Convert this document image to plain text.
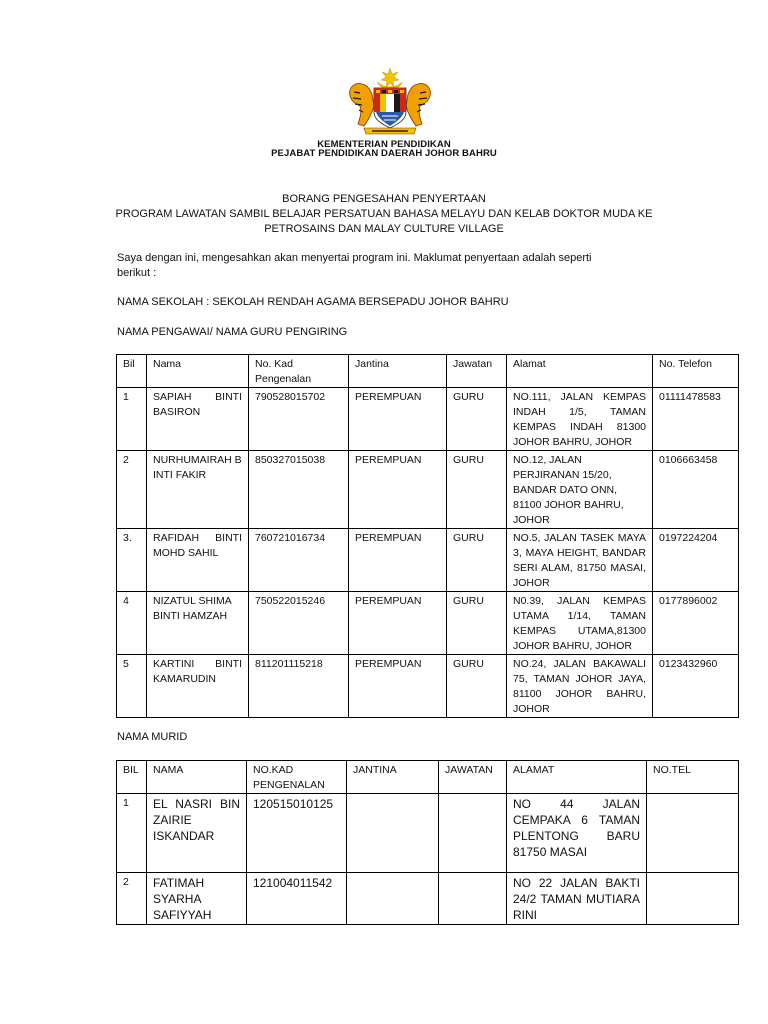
KEMENTERIAN PENDIDIKAN
PEJABAT PENDIDIKAN DAERAH JOHOR BAHRU
BORANG PENGESAHAN PENYERTAAN
PROGRAM LAWATAN SAMBIL BELAJAR PERSATUAN BAHASA MELAYU DAN KELAB DOKTOR MUDA KE
PETROSAINS DAN MALAY CULTURE VILLAGE
Saya dengan ini, mengesahkan akan menyertai program ini. Maklumat penyertaan adalah seperti
berikut :
NAMA SEKOLAH : SEKOLAH RENDAH AGAMA BERSEPADU JOHOR BAHRU
NAMA PENGAWAI/ NAMA GURU PENGIRING
Bil	Nama	No. Kad Pengenalan	Jantina	Jawatan	Alamat	No. Telefon
1	SAPIAH BINTI BASIRON	790528015702	PEREMPUAN	GURU	NO.111, JALAN KEMPAS INDAH 1/5, TAMAN KEMPAS INDAH 81300 JOHOR BAHRU, JOHOR	01111478583
2	NURHUMAIRAH BINTI FAKIR	850327015038	PEREMPUAN	GURU	NO.12, JALAN PERJIRANAN 15/20, BANDAR DATO ONN, 81100 JOHOR BAHRU, JOHOR	0106663458
3.	RAFIDAH BINTI MOHD SAHIL	760721016734	PEREMPUAN	GURU	NO.5, JALAN TASEK MAYA 3, MAYA HEIGHT, BANDAR SERI ALAM, 81750 MASAI, JOHOR	0197224204
4	NIZATUL SHIMA BINTI HAMZAH	750522015246	PEREMPUAN	GURU	N0.39, JALAN KEMPAS UTAMA 1/14, TAMAN KEMPAS UTAMA,81300 JOHOR BAHRU, JOHOR	0177896002
5	KARTINI BINTI KAMARUDIN	811201115218	PEREMPUAN	GURU	NO.24, JALAN BAKAWALI 75, TAMAN JOHOR JAYA, 81100 JOHOR BAHRU, JOHOR	0123432960
NAMA MURID
BIL	NAMA	NO.KAD PENGENALAN	JANTINA	JAWATAN	ALAMAT	NO.TEL
1	EL NASRI BIN ZAIRIE ISKANDAR	120515010125			NO 44 JALAN CEMPAKA 6 TAMAN PLENTONG BARU 81750 MASAI	
2	FATIMAH SYARHA SAFIYYAH	121004011542			NO 22 JALAN BAKTI 24/2 TAMAN MUTIARA RINI	
